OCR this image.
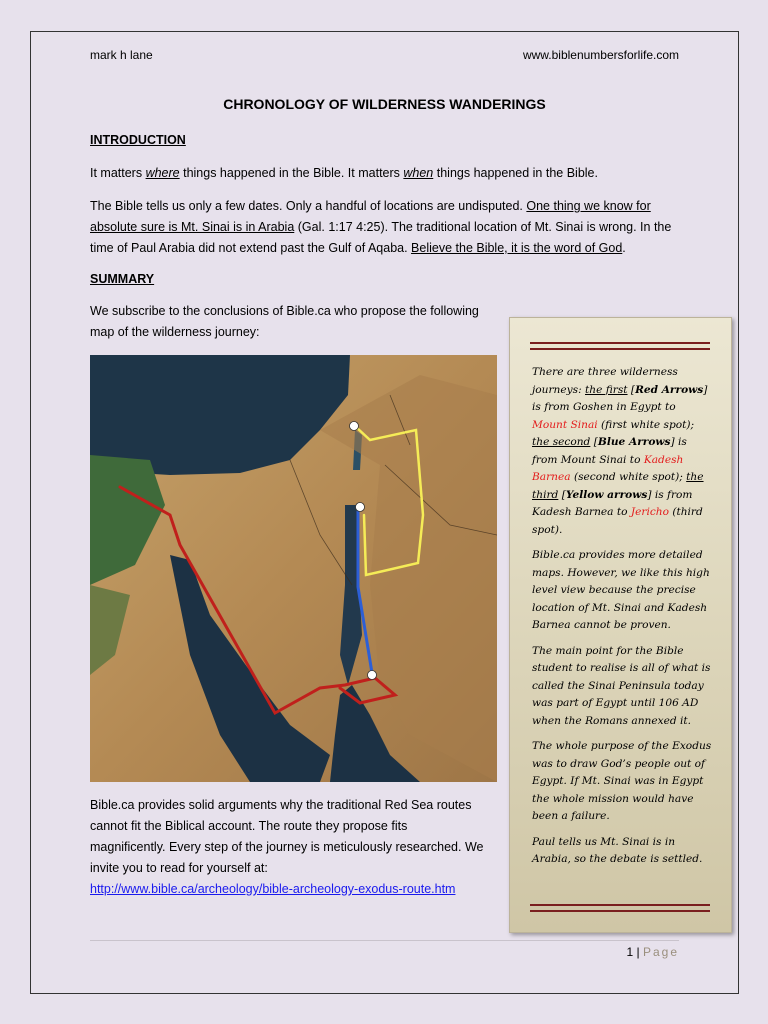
mark h lane	www.biblenumbersforlife.com
CHRONOLOGY OF WILDERNESS WANDERINGS
INTRODUCTION
It matters where things happened in the Bible. It matters when things happened in the Bible.
The Bible tells us only a few dates. Only a handful of locations are undisputed. One thing we know for absolute sure is Mt. Sinai is in Arabia (Gal. 1:17 4:25). The traditional location of Mt. Sinai is wrong. In the time of Paul Arabia did not extend past the Gulf of Aqaba. Believe the Bible, it is the word of God.
SUMMARY
We subscribe to the conclusions of Bible.ca who propose the following map of the wilderness journey:
Bible.ca provides solid arguments why the traditional Red Sea routes cannot fit the Biblical account. The route they propose fits magnificently. Every step of the journey is meticulously researched. We invite you to read for yourself at:
http://www.bible.ca/archeology/bible-archeology-exodus-route.htm

There are three wilderness journeys: the first [Red Arrows] is from Goshen in Egypt to Mount Sinai (first white spot); the second [Blue Arrows] is from Mount Sinai to Kadesh Barnea (second white spot); the third [Yellow arrows] is from Kadesh Barnea to Jericho (third spot).

Bible.ca provides more detailed maps. However, we like this high level view because the precise location of Mt. Sinai and Kadesh Barnea cannot be proven.

The main point for the Bible student to realise is all of what is called the Sinai Peninsula today was part of Egypt until 106 AD when the Romans annexed it.

The whole purpose of the Exodus was to draw God’s people out of Egypt. If Mt. Sinai was in Egypt the whole mission would have been a failure.

Paul tells us Mt. Sinai is in Arabia, so the debate is settled.

1 | Page
